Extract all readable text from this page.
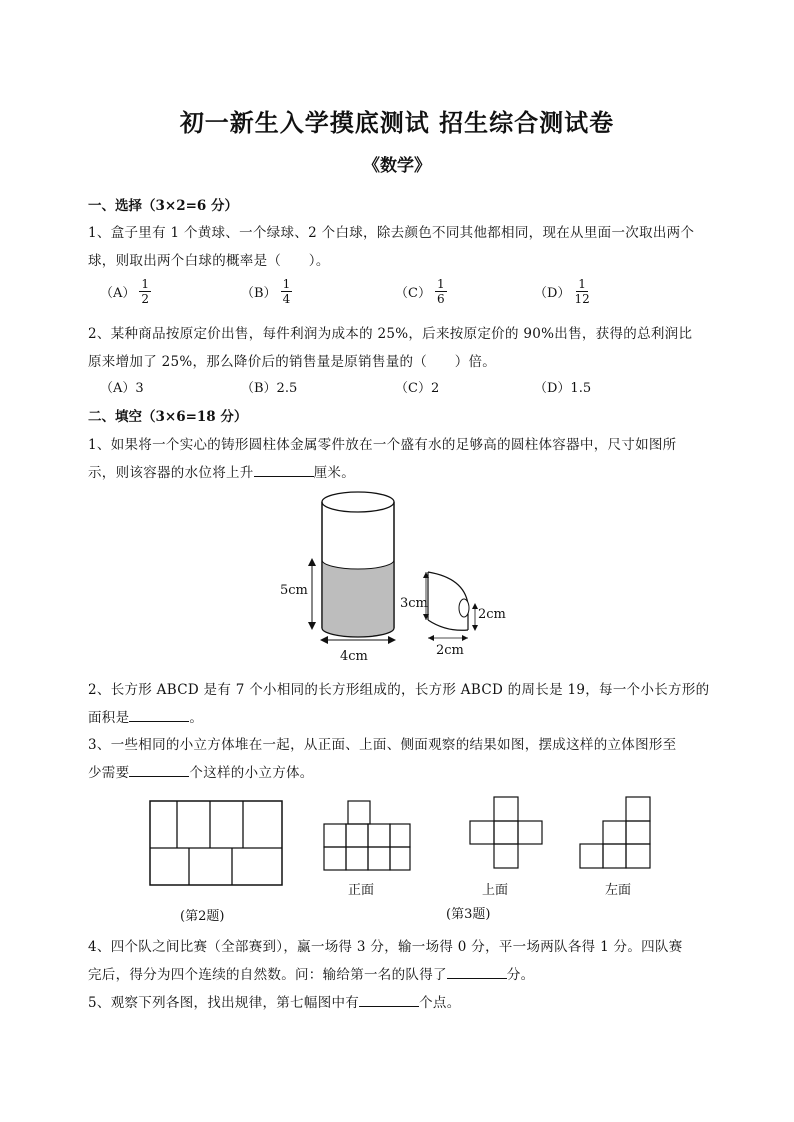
初一新生入学摸底测试 招生综合测试卷
《数学》
一、选择（3×2=6 分）
1、盒子里有 1 个黄球、一个绿球、2 个白球，除去颜色不同其他都相同，现在从里面一次取出两个
球，则取出两个白球的概率是（　　）。
$(A) \frac{1}{2}$	$(B) \frac{1}{4}$	$(C) \frac{1}{6}$	$(D) \frac{1}{12}$
2、某种商品按原定价出售，每件利润为成本的 25%，后来按原定价的 90%出售，获得的总利润比
原来增加了 25%，那么降价后的销售量是原销售量的（　　）倍。
（A）3	（B）2.5	（C）2	（D）1.5
二、填空（3×6=18 分）
1、如果将一个实心的铸形圆柱体金属零件放在一个盛有水的足够高的圆柱体容器中，尺寸如图所
示，则该容器的水位将上升	厘米。
5cm
4cm
3cm
2cm
2cm
2、长方形 ABCD 是有 7 个小相同的长方形组成的，长方形 ABCD 的周长是 19，每一个小长方形的
面积是	。
3、一些相同的小立方体堆在一起，从正面、上面、侧面观察的结果如图，摆成这样的立体图形至
少需要	个这样的小立方体。
正面	上面	左面
(第2题)	(第3题)
4、四个队之间比赛（全部赛到），赢一场得 3 分，输一场得 0 分，平一场两队各得 1 分。四队赛
完后，得分为四个连续的自然数。问：输给第一名的队得了	分。
5、观察下列各图，找出规律，第七幅图中有	个点。
